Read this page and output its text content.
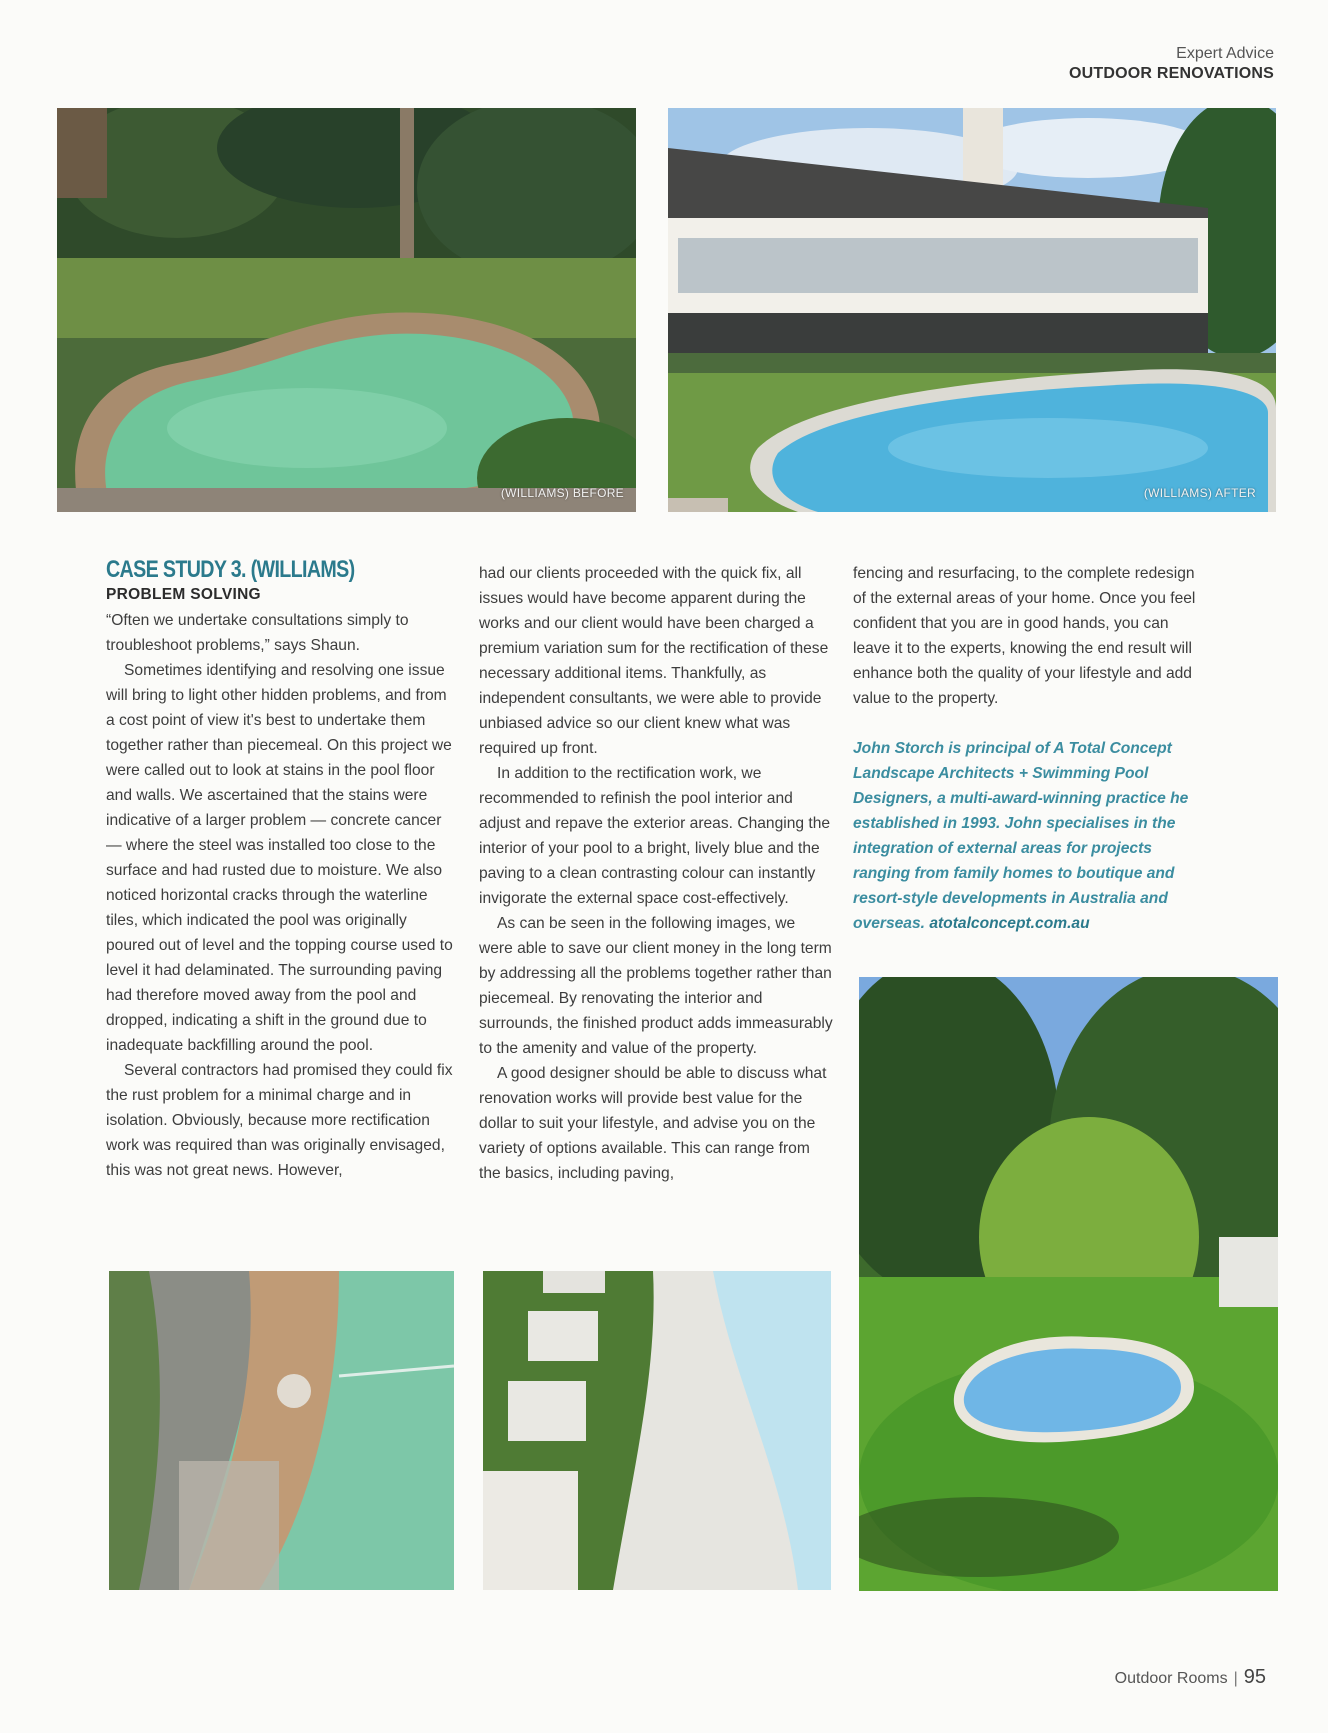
Expert Advice
OUTDOOR RENOVATIONS
(WILLIAMS) BEFORE	(WILLIAMS) AFTER
CASE STUDY 3. (WILLIAMS)
PROBLEM SOLVING

“Often we undertake consultations simply to troubleshoot problems,” says Shaun.

Sometimes identifying and resolving one issue will bring to light other hidden problems, and from a cost point of view it's best to undertake them together rather than piecemeal. On this project we were called out to look at stains in the pool floor and walls. We ascertained that the stains were indicative of a larger problem — concrete cancer — where the steel was installed too close to the surface and had rusted due to moisture. We also noticed horizontal cracks through the waterline tiles, which indicated the pool was originally poured out of level and the topping course used to level it had delaminated. The surrounding paving had therefore moved away from the pool and dropped, indicating a shift in the ground due to inadequate backfilling around the pool.

Several contractors had promised they could fix the rust problem for a minimal charge and in isolation. Obviously, because more rectification work was required than was originally envisaged, this was not great news. However,

had our clients proceeded with the quick fix, all issues would have become apparent during the works and our client would have been charged a premium variation sum for the rectification of these necessary additional items. Thankfully, as independent consultants, we were able to provide unbiased advice so our client knew what was required up front.

In addition to the rectification work, we recommended to refinish the pool interior and adjust and repave the exterior areas. Changing the interior of your pool to a bright, lively blue and the paving to a clean contrasting colour can instantly invigorate the external space cost-effectively.

As can be seen in the following images, we were able to save our client money in the long term by addressing all the problems together rather than piecemeal. By renovating the interior and surrounds, the finished product adds immeasurably to the amenity and value of the property.

A good designer should be able to discuss what renovation works will provide best value for the dollar to suit your lifestyle, and advise you on the variety of options available. This can range from the basics, including paving,

fencing and resurfacing, to the complete redesign of the external areas of your home. Once you feel confident that you are in good hands, you can leave it to the experts, knowing the end result will enhance both the quality of your lifestyle and add value to the property.

John Storch is principal of A Total Concept Landscape Architects + Swimming Pool Designers, a multi-award-winning practice he established in 1993. John specialises in the integration of external areas for projects ranging from family homes to boutique and resort-style developments in Australia and overseas. atotalconcept.com.au

Outdoor Rooms | 95
